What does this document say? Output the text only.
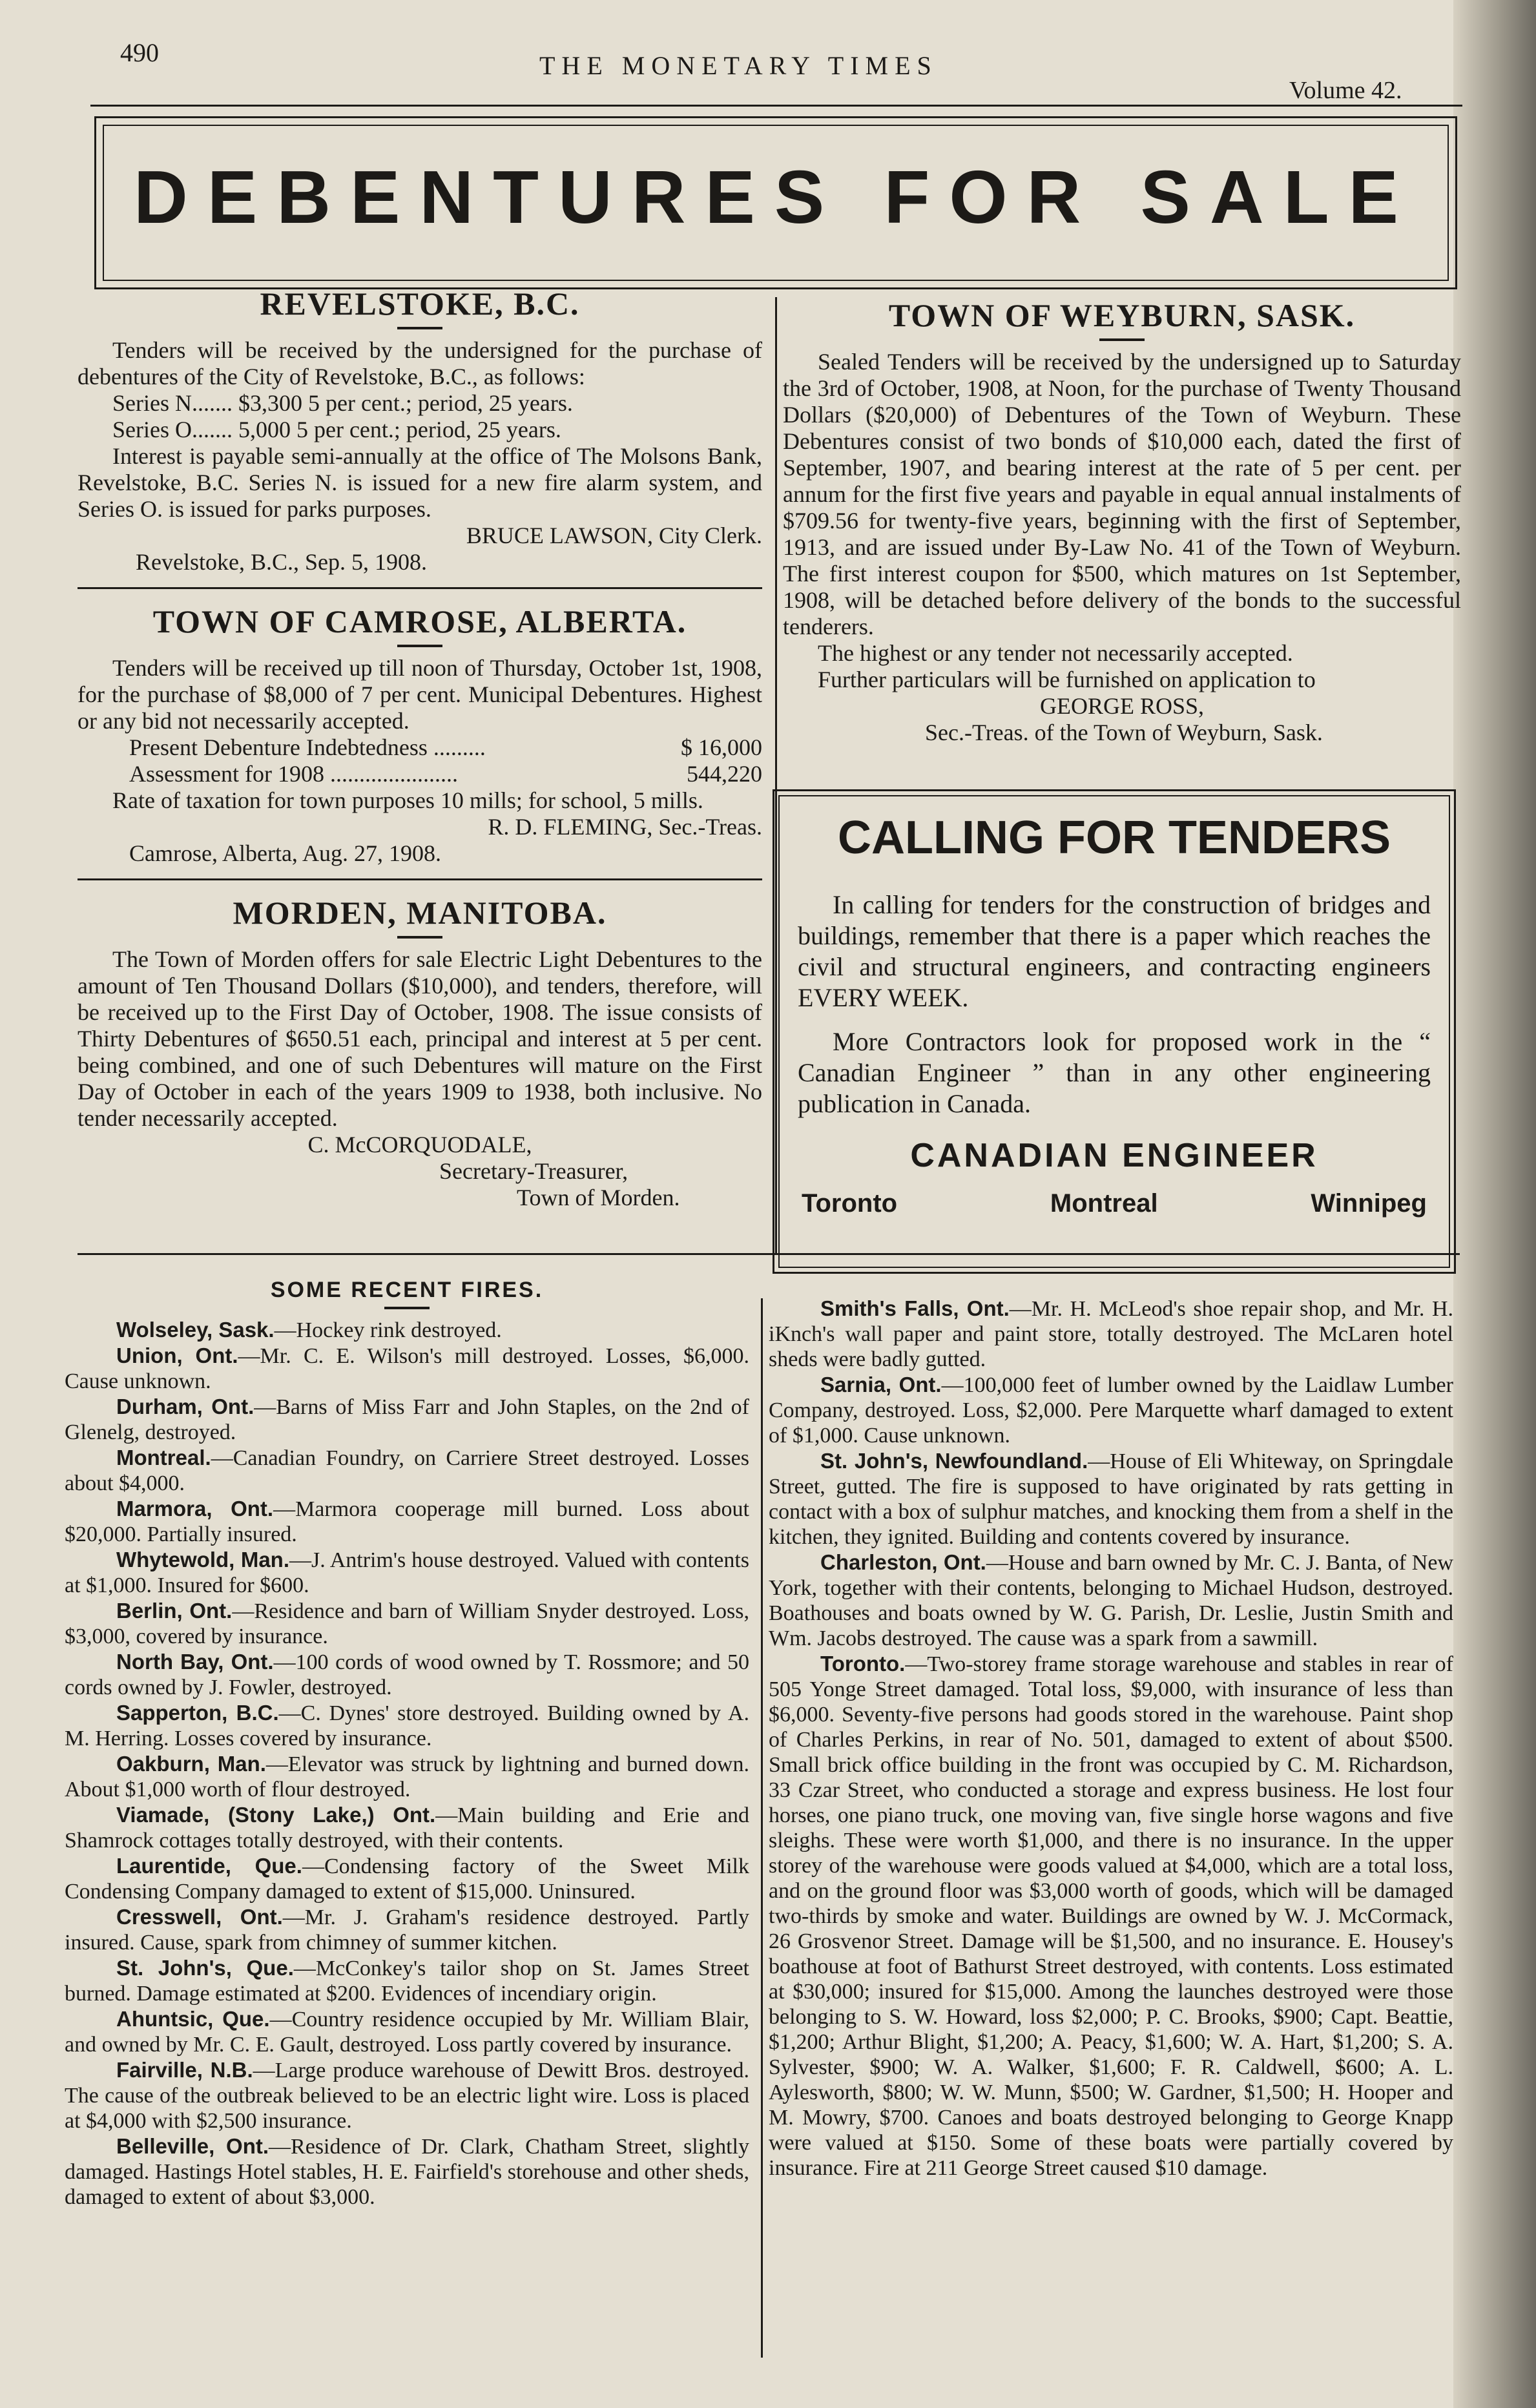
490	THE MONETARY TIMES
Volume 42.
DEBENTURES FOR SALE
REVELSTOKE, B.C.

Tenders will be received by the undersigned for the purchase of debentures of the City of Revelstoke, B.C., as follows:

Series N....... $3,300 5 per cent.; period, 25 years.

Series O....... 5,000 5 per cent.; period, 25 years.

Interest is payable semi-annually at the office of The Molsons Bank, Revelstoke, B.C. Series N. is issued for a new fire alarm system, and Series O. is issued for parks purposes.

BRUCE LAWSON, City Clerk.
Revelstoke, B.C., Sep. 5, 1908.
TOWN OF CAMROSE, ALBERTA.

Tenders will be received up till noon of Thursday, October 1st, 1908, for the purchase of $8,000 of 7 per cent. Municipal Debentures. Highest or any bid not necessarily accepted.

Present Debenture Indebtedness .........	$ 16,000
Assessment for 1908 ......................	544,220

Rate of taxation for town purposes 10 mills; for school, 5 mills.

R. D. FLEMING, Sec.-Treas.
Camrose, Alberta, Aug. 27, 1908.
MORDEN, MANITOBA.

The Town of Morden offers for sale Electric Light Debentures to the amount of Ten Thousand Dollars ($10,000), and tenders, therefore, will be received up to the First Day of October, 1908. The issue consists of Thirty Debentures of $650.51 each, principal and interest at 5 per cent. being combined, and one of such Debentures will mature on the First Day of October in each of the years 1909 to 1938, both inclusive. No tender necessarily accepted.

C. McCORQUODALE,
Secretary-Treasurer,
Town of Morden.
TOWN OF WEYBURN, SASK.

Sealed Tenders will be received by the undersigned up to Saturday the 3rd of October, 1908, at Noon, for the purchase of Twenty Thousand Dollars ($20,000) of Debentures of the Town of Weyburn. These Debentures consist of two bonds of $10,000 each, dated the first of September, 1907, and bearing interest at the rate of 5 per cent. per annum for the first five years and payable in equal annual instalments of $709.56 for twenty-five years, beginning with the first of September, 1913, and are issued under By-Law No. 41 of the Town of Weyburn. The first interest coupon for $500, which matures on 1st September, 1908, will be detached before delivery of the bonds to the successful tenderers.

The highest or any tender not necessarily accepted.

Further particulars will be furnished on application to

GEORGE ROSS,
Sec.-Treas. of the Town of Weyburn, Sask.
CALLING FOR TENDERS

In calling for tenders for the construction of bridges and buildings, remember that there is a paper which reaches the civil and structural engineers, and contracting engineers EVERY WEEK.

More Contractors look for proposed work in the “ Canadian Engineer ” than in any other engineering publication in Canada.

CANADIAN ENGINEER
Toronto	Montreal	Winnipeg
SOME RECENT FIRES.

Wolseley, Sask.—Hockey rink destroyed.

Union, Ont.—Mr. C. E. Wilson's mill destroyed. Losses, $6,000. Cause unknown.

Durham, Ont.—Barns of Miss Farr and John Staples, on the 2nd of Glenelg, destroyed.

Montreal.—Canadian Foundry, on Carriere Street destroyed. Losses about $4,000.

Marmora, Ont.—Marmora cooperage mill burned. Loss about $20,000. Partially insured.

Whytewold, Man.—J. Antrim's house destroyed. Valued with contents at $1,000. Insured for $600.

Berlin, Ont.—Residence and barn of William Snyder destroyed. Loss, $3,000, covered by insurance.

North Bay, Ont.—100 cords of wood owned by T. Rossmore; and 50 cords owned by J. Fowler, destroyed.

Sapperton, B.C.—C. Dynes' store destroyed. Building owned by A. M. Herring. Losses covered by insurance.

Oakburn, Man.—Elevator was struck by lightning and burned down. About $1,000 worth of flour destroyed.

Viamade, (Stony Lake,) Ont.—Main building and Erie and Shamrock cottages totally destroyed, with their contents.

Laurentide, Que.—Condensing factory of the Sweet Milk Condensing Company damaged to extent of $15,000. Uninsured.

Cresswell, Ont.—Mr. J. Graham's residence destroyed. Partly insured. Cause, spark from chimney of summer kitchen.

St. John's, Que.—McConkey's tailor shop on St. James Street burned. Damage estimated at $200. Evidences of incendiary origin.

Ahuntsic, Que.—Country residence occupied by Mr. William Blair, and owned by Mr. C. E. Gault, destroyed. Loss partly covered by insurance.

Fairville, N.B.—Large produce warehouse of Dewitt Bros. destroyed. The cause of the outbreak believed to be an electric light wire. Loss is placed at $4,000 with $2,500 insurance.

Belleville, Ont.—Residence of Dr. Clark, Chatham Street, slightly damaged. Hastings Hotel stables, H. E. Fairfield's storehouse and other sheds, damaged to extent of about $3,000.

Smith's Falls, Ont.—Mr. H. McLeod's shoe repair shop, and Mr. H. iKnch's wall paper and paint store, totally destroyed. The McLaren hotel sheds were badly gutted.

Sarnia, Ont.—100,000 feet of lumber owned by the Laidlaw Lumber Company, destroyed. Loss, $2,000. Pere Marquette wharf damaged to extent of $1,000. Cause unknown.

St. John's, Newfoundland.—House of Eli Whiteway, on Springdale Street, gutted. The fire is supposed to have originated by rats getting in contact with a box of sulphur matches, and knocking them from a shelf in the kitchen, they ignited. Building and contents covered by insurance.

Charleston, Ont.—House and barn owned by Mr. C. J. Banta, of New York, together with their contents, belonging to Michael Hudson, destroyed. Boathouses and boats owned by W. G. Parish, Dr. Leslie, Justin Smith and Wm. Jacobs destroyed. The cause was a spark from a sawmill.

Toronto.—Two-storey frame storage warehouse and stables in rear of 505 Yonge Street damaged. Total loss, $9,000, with insurance of less than $6,000. Seventy-five persons had goods stored in the warehouse. Paint shop of Charles Perkins, in rear of No. 501, damaged to extent of about $500. Small brick office building in the front was occupied by C. M. Richardson, 33 Czar Street, who conducted a storage and express business. He lost four horses, one piano truck, one moving van, five single horse wagons and five sleighs. These were worth $1,000, and there is no insurance. In the upper storey of the warehouse were goods valued at $4,000, which are a total loss, and on the ground floor was $3,000 worth of goods, which will be damaged two-thirds by smoke and water. Buildings are owned by W. J. McCormack, 26 Grosvenor Street. Damage will be $1,500, and no insurance. E. Housey's boathouse at foot of Bathurst Street destroyed, with contents. Loss estimated at $30,000; insured for $15,000. Among the launches destroyed were those belonging to S. W. Howard, loss $2,000; P. C. Brooks, $900; Capt. Beattie, $1,200; Arthur Blight, $1,200; A. Peacy, $1,600; W. A. Hart, $1,200; S. A. Sylvester, $900; W. A. Walker, $1,600; F. R. Caldwell, $600; A. L. Aylesworth, $800; W. W. Munn, $500; W. Gardner, $1,500; H. Hooper and M. Mowry, $700. Canoes and boats destroyed belonging to George Knapp were valued at $150. Some of these boats were partially covered by insurance. Fire at 211 George Street caused $10 damage.
